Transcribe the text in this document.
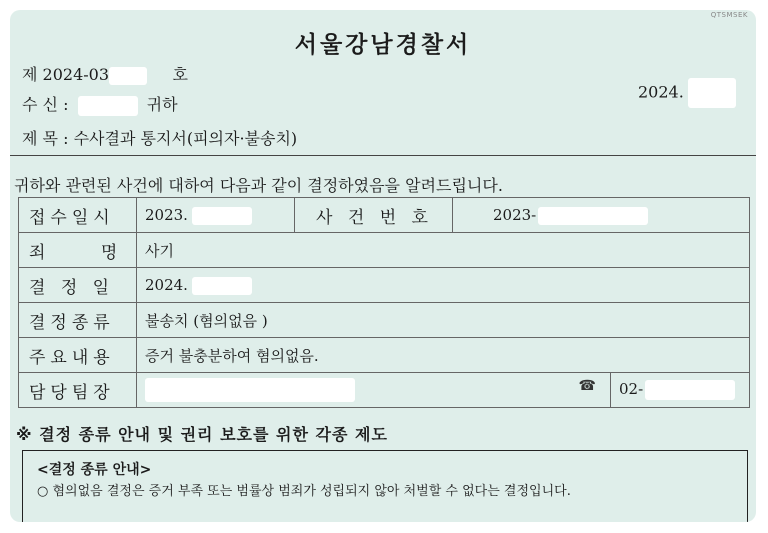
QTSMSEK
서울강남경찰서
제 2024-03	호
2024.
수 신 :	귀하
제 목 : 수사결과 통지서(피의자·불송치)
귀하와 관련된 사건에 대하여 다음과 같이 결정하였음을 알려드립니다.
접수일시	2023.	사 건 번 호	2023-	
죄 명	사기			
결 정 일	2024.			
결정종류	불송치 (혐의없음 )			
주요내용	증거 불충분하여 혐의없음.			
담당팀장	☎			02-
※ 결정 종류 안내 및 권리 보호를 위한 각종 제도
<결정 종류 안내>
○ 혐의없음 결정은 증거 부족 또는 범률상 범죄가 성립되지 않아 처벌할 수 없다는 결정입니다.
